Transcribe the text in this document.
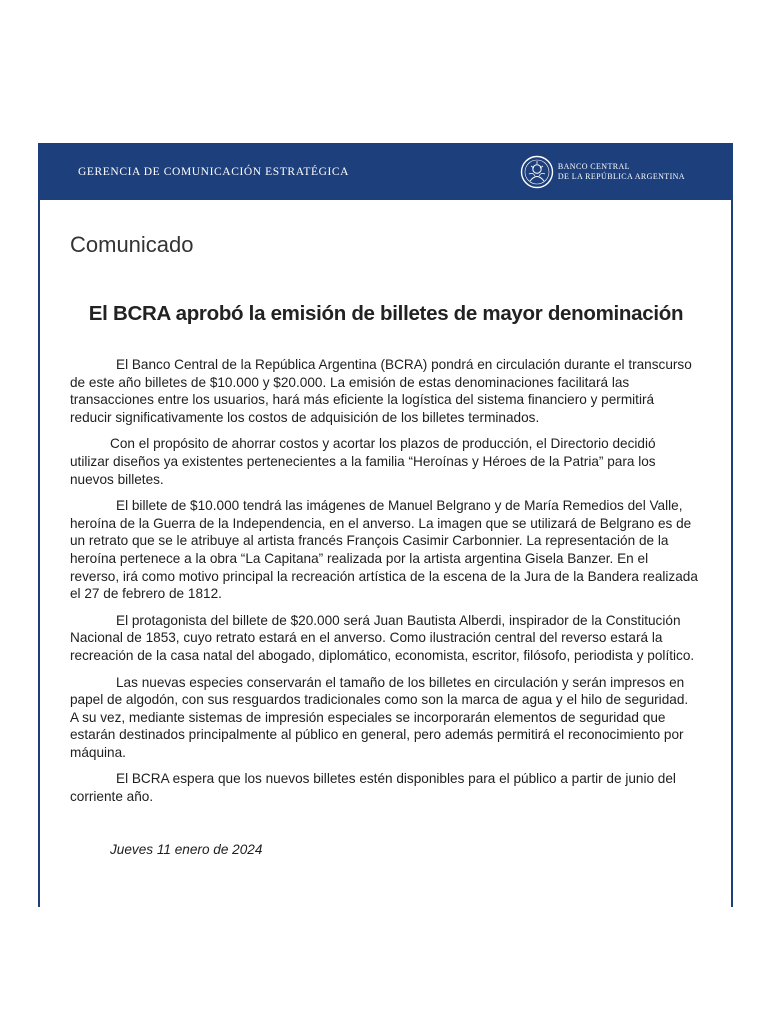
GERENCIA DE COMUNICACIÓN ESTRATÉGICA	BANCO CENTRAL
DE LA REPÚBLICA ARGENTINA
Comunicado
El BCRA aprobó la emisión de billetes de mayor denominación

El Banco Central de la República Argentina (BCRA) pondrá en circulación durante el transcurso de este año billetes de $10.000 y $20.000. La emisión de estas denominaciones facilitará las transacciones entre los usuarios, hará más eficiente la logística del sistema financiero y permitirá reducir significativamente los costos de adquisición de los billetes terminados.

Con el propósito de ahorrar costos y acortar los plazos de producción, el Directorio decidió utilizar diseños ya existentes pertenecientes a la familia “Heroínas y Héroes de la Patria” para los nuevos billetes.

El billete de $10.000 tendrá las imágenes de Manuel Belgrano y de María Remedios del Valle, heroína de la Guerra de la Independencia, en el anverso. La imagen que se utilizará de Belgrano es de un retrato que se le atribuye al artista francés François Casimir Carbonnier. La representación de la heroína pertenece a la obra “La Capitana” realizada por la artista argentina Gisela Banzer. En el reverso, irá como motivo principal la recreación artística de la escena de la Jura de la Bandera realizada el 27 de febrero de 1812.

El protagonista del billete de $20.000 será Juan Bautista Alberdi, inspirador de la Constitución Nacional de 1853, cuyo retrato estará en el anverso. Como ilustración central del reverso estará la recreación de la casa natal del abogado, diplomático, economista, escritor, filósofo, periodista y político.

Las nuevas especies conservarán el tamaño de los billetes en circulación y serán impresos en papel de algodón, con sus resguardos tradicionales como son la marca de agua y el hilo de seguridad. A su vez, mediante sistemas de impresión especiales se incorporarán elementos de seguridad que estarán destinados principalmente al público en general, pero además permitirá el reconocimiento por máquina.

El BCRA espera que los nuevos billetes estén disponibles para el público a partir de junio del corriente año.

Jueves 11 enero de 2024
